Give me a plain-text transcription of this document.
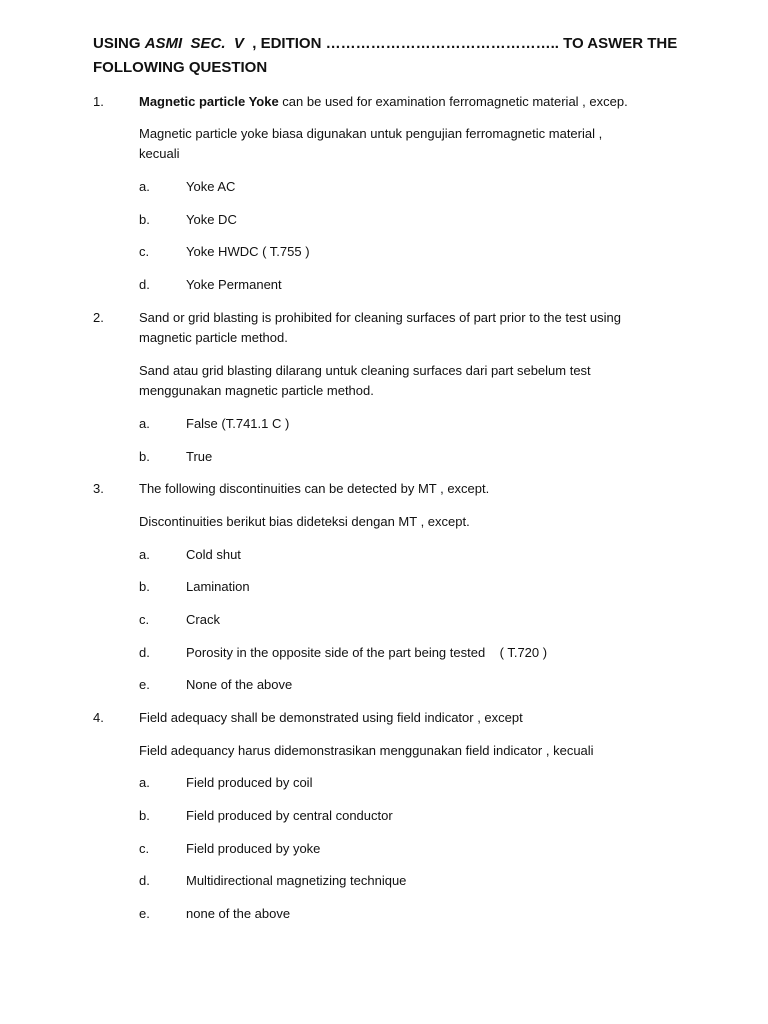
USING ASMI SEC. V , EDITION ……………………………………….. TO ASWER THE
FOLLOWING QUESTION
1.	Magnetic particle Yoke can be used for examination ferromagnetic material , excep.
Magnetic particle yoke biasa digunakan untuk pengujian ferromagnetic material ,
kecuali
a.	Yoke AC
b.	Yoke DC
c.	Yoke HWDC ( T.755 )
d.	Yoke Permanent
2.	Sand or grid blasting is prohibited for cleaning surfaces of part prior to the test using
magnetic particle method.
Sand atau grid blasting dilarang untuk cleaning surfaces dari part sebelum test
menggunakan magnetic particle method.
a.	False (T.741.1 C )
b.	True
3.	The following discontinuities can be detected by MT , except.
Discontinuities berikut bias dideteksi dengan MT , except.
a.	Cold shut
b.	Lamination
c.	Crack
d.	Porosity in the opposite side of the part being tested    ( T.720 )
e.	None of the above
4.	Field adequacy shall be demonstrated using field indicator , except
Field adequancy harus didemonstrasikan menggunakan field indicator , kecuali
a.	Field produced by coil
b.	Field produced by central conductor
c.	Field produced by yoke
d.	Multidirectional magnetizing technique
e.	none of the above
